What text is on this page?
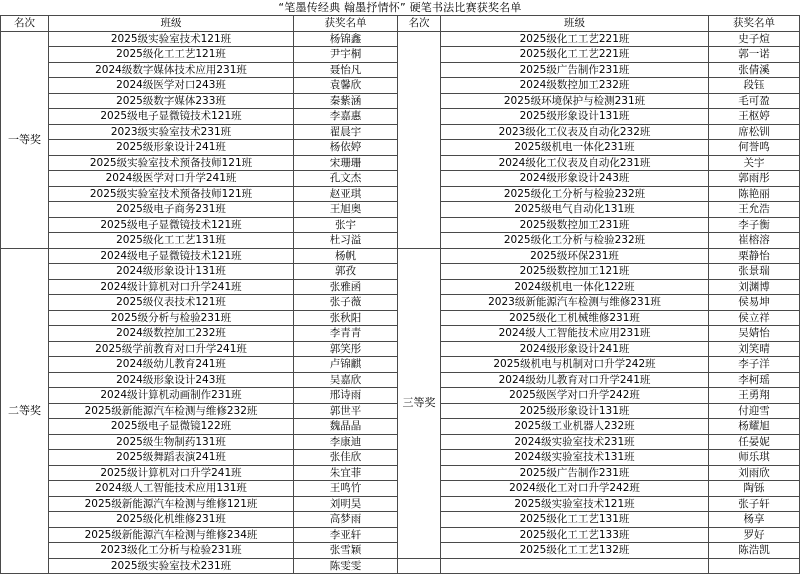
“笔墨传经典 翰墨抒情怀” 硬笔书法比赛获奖名单
名次	班级	获奖名单	名次	班级	获奖名单
一等奖	2025级实验室技术121班	杨锦鑫		2025级化工工艺221班	史子煊
	2025级化工工艺121班	尹宇桐		2025级化工工艺221班	郭一诺
	2024级数字媒体技术应用231班	聂怡凡		2025级广告制作231班	张倩溪
	2024级医学对口243班	袁馨欣		2024级数控加工232班	段钰
	2025级数字媒体233班	秦紫涵		2025级环境保护与检测231班	毛可盈
	2025级电子显微镜技术121班	李嘉惠		2025级形象设计131班	王枢婷
	2023级实验室技术231班	翟晨宇		2023级化工仪表及自动化232班	席松钏
	2025级形象设计241班	杨依婷		2025级机电一体化231班	何誉鸣
	2025级实验室技术预备技师121班	宋珊珊		2024级化工仪表及自动化231班	关宇
	2024级医学对口升学241班	孔文杰		2024级形象设计243班	郭雨彤
	2025级实验室技术预备技师121班	赵亚琪		2025级化工分析与检验232班	陈艳丽
	2025级电子商务231班	王旭奥		2025级电气自动化131班	王允浩
	2025级电子显微镜技术121班	张宇		2025级数控加工231班	李子衡
	2025级化工工艺131班	杜习溢		2025级化工分析与检验232班	崔榕溶
二等奖	2024级电子显微镜技术121班	杨帆	三等奖	2025级环保231班	栗静怡
	2024级形象设计131班	郭孜		2025级数控加工121班	张景瑞
	2024级计算机对口升学241班	张雅函		2024级机电一体化122班	刘渊博
	2025级仪表技术121班	张子薇		2023级新能源汽车检测与维修231班	侯易坤
	2025级分析与检验231班	张秋阳		2025级化工机械维修231班	侯立祥
	2024级数控加工232班	李青青		2024级人工智能技术应用231班	吴婧怡
	2025级学前教育对口升学241班	郭笑彤		2024级形象设计241班	刘笑晴
	2024级幼儿教育241班	卢锦麒		2025级机电与机制对口升学242班	李子洋
	2024级形象设计243班	吴嘉欣		2024级幼儿教育对口升学241班	李柯瑶
	2024级计算机动画制作231班	邢诗雨		2025级医学对口升学242班	王勇翔
	2025级新能源汽车检测与维修232班	郭世平		2025级形象设计131班	付迎雪
	2025级电子显微镜122班	魏晶晶		2025级工业机器人232班	杨耀旭
	2025级生物制药131班	李康迪		2024级实验室技术231班	任晏妮
	2025级舞蹈表演241班	张佳欣		2024级实验室技术131班	师乐琪
	2025级计算机对口升学241班	朱宜菲		2025级广告制作231班	刘雨欣
	2024级人工智能技术应用131班	王鸣竹		2024级化工对口升学242班	陶铄
	2025级新能源汽车检测与维修121班	刘明昊		2025级实验室技术121班	张子轩
	2025级化机维修231班	高梦雨		2025级化工工艺131班	杨享
	2025级新能源汽车检测与维修234班	李亚轩		2025级化工工艺133班	罗好
	2023级化工分析与检验231班	张雪颖		2025级化工工艺132班	陈浩凯
	2025级实验室技术231班	陈雯雯			
